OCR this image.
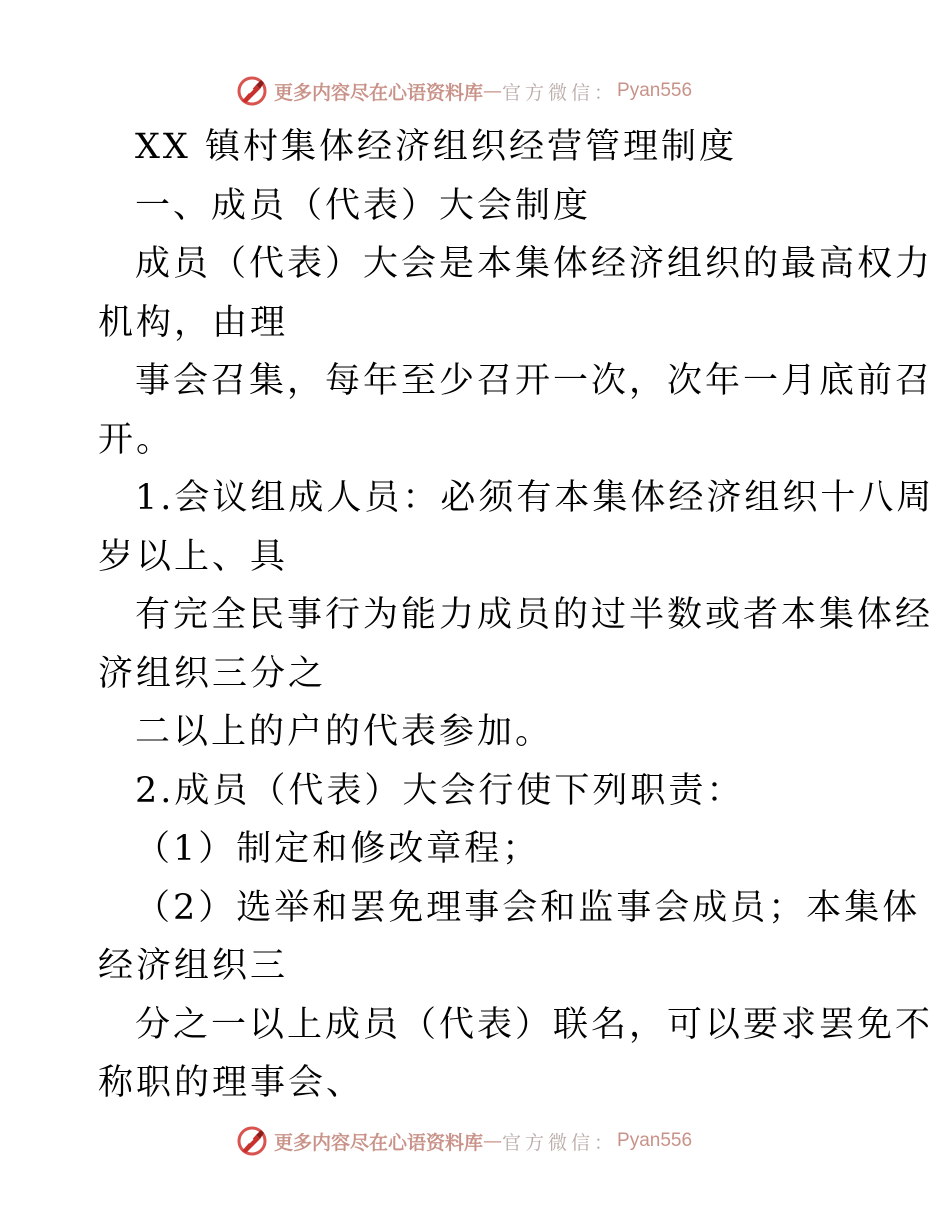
更多内容尽在心语资料库 — 官方微信： Pyan556
XX 镇村集体经济组织经营管理制度
一、成员（代表）大会制度
成员（代表）大会是本集体经济组织的最高权力
机构，由理
事会召集，每年至少召开一次，次年一月底前召
开。
1.会议组成人员：必须有本集体经济组织十八周
岁以上、具
有完全民事行为能力成员的过半数或者本集体经
济组织三分之
二以上的户的代表参加。
2.成员（代表）大会行使下列职责：
（1）制定和修改章程；
（2）选举和罢免理事会和监事会成员；本集体
经济组织三
分之一以上成员（代表）联名，可以要求罢免不
称职的理事会、
更多内容尽在心语资料库 — 官方微信： Pyan556
